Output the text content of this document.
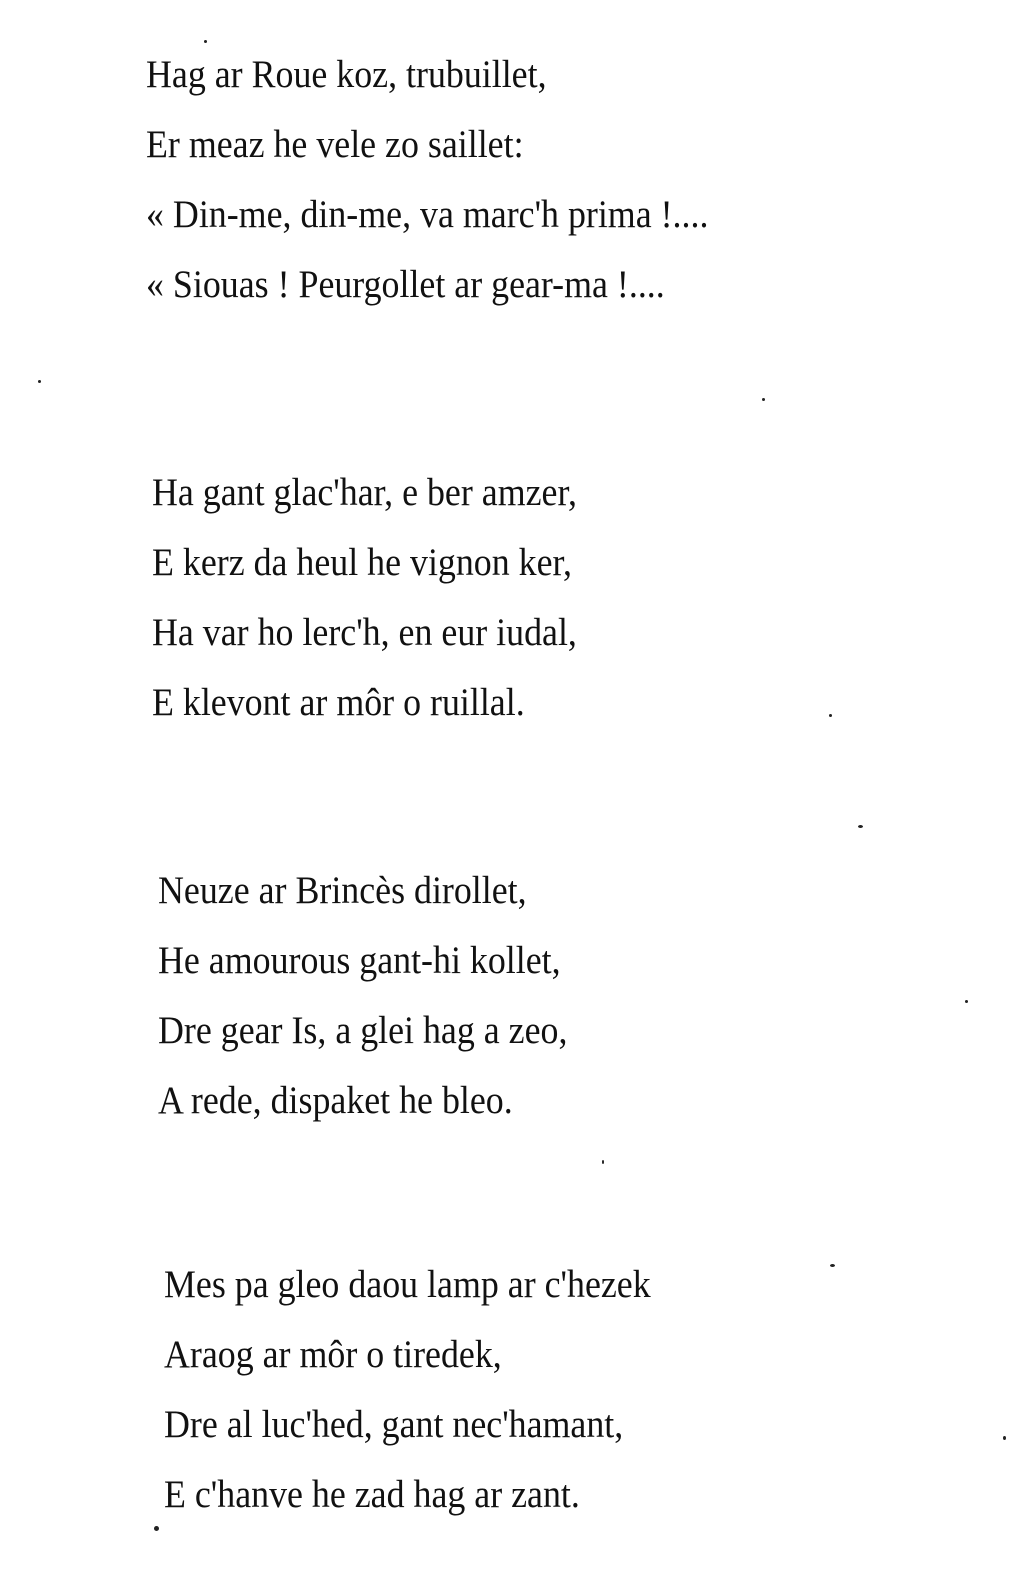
Hag ar Roue koz, trubuillet,
Er meaz he vele zo saillet:
« Din-me, din-me, va marc'h prima !....
« Siouas ! Peurgollet ar gear-ma !....
Ha gant glac'har, e ber amzer,
E kerz da heul he vignon ker,
Ha var ho lerc'h, en eur iudal,
E klevont ar môr o ruillal.
Neuze ar Brincès dirollet,
He amourous gant-hi kollet,
Dre gear Is, a glei hag a zeo,
A rede, dispaket he bleo.
Mes pa gleo daou lamp ar c'hezek
Araog ar môr o tiredek,
Dre al luc'hed, gant nec'hamant,
E c'hanve he zad hag ar zant.
